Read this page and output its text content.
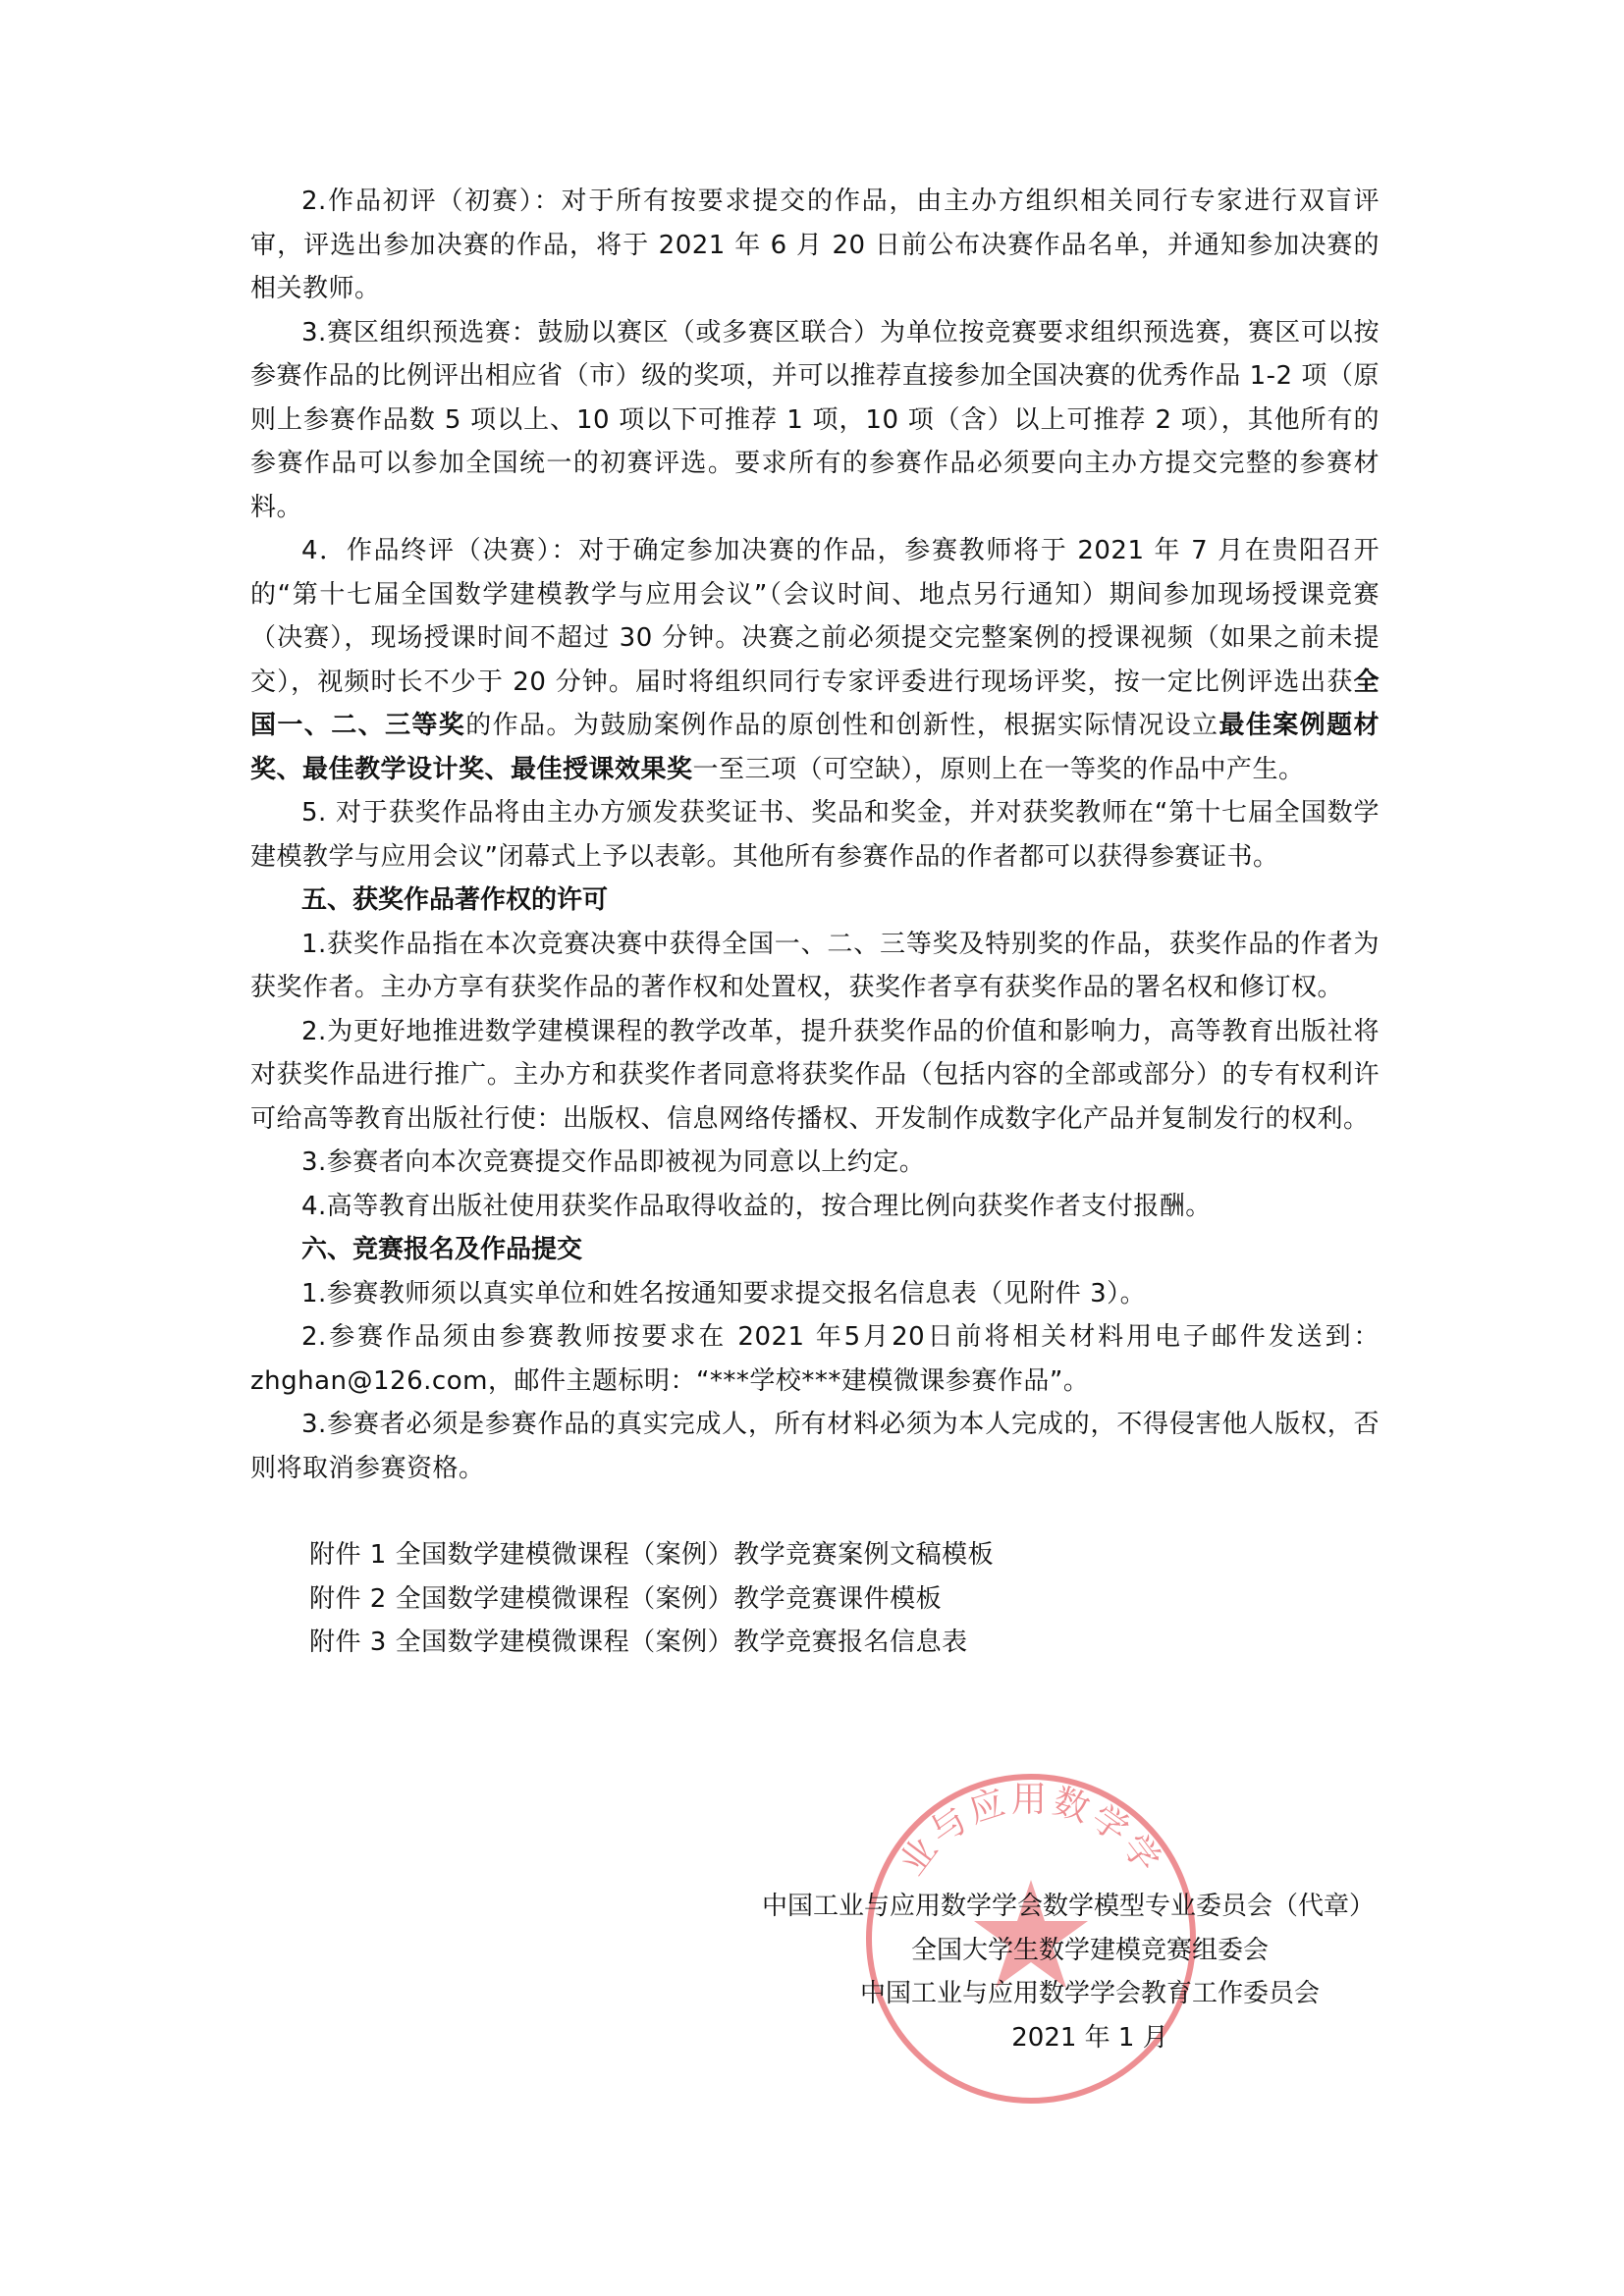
2.作品初评（初赛）：对于所有按要求提交的作品，由主办方组织相关同行专家进行双盲评审，评选出参加决赛的作品，将于 2021 年 6 月 20 日前公布决赛作品名单，并通知参加决赛的相关教师。

3.赛区组织预选赛：鼓励以赛区（或多赛区联合）为单位按竞赛要求组织预选赛，赛区可以按参赛作品的比例评出相应省（市）级的奖项，并可以推荐直接参加全国决赛的优秀作品 1-2 项（原则上参赛作品数 5 项以上、10 项以下可推荐 1 项，10 项（含）以上可推荐 2 项），其他所有的参赛作品可以参加全国统一的初赛评选。要求所有的参赛作品必须要向主办方提交完整的参赛材料。

4．作品终评（决赛）：对于确定参加决赛的作品，参赛教师将于 2021 年 7 月在贵阳召开的“第十七届全国数学建模教学与应用会议”（会议时间、地点另行通知）期间参加现场授课竞赛（决赛），现场授课时间不超过 30 分钟。决赛之前必须提交完整案例的授课视频（如果之前未提交），视频时长不少于 20 分钟。届时将组织同行专家评委进行现场评奖，按一定比例评选出获全国一、二、三等奖的作品。为鼓励案例作品的原创性和创新性，根据实际情况设立最佳案例题材奖、最佳教学设计奖、最佳授课效果奖一至三项（可空缺），原则上在一等奖的作品中产生。

5. 对于获奖作品将由主办方颁发获奖证书、奖品和奖金，并对获奖教师在“第十七届全国数学建模教学与应用会议”闭幕式上予以表彰。其他所有参赛作品的作者都可以获得参赛证书。

五、获奖作品著作权的许可

1.获奖作品指在本次竞赛决赛中获得全国一、二、三等奖及特别奖的作品，获奖作品的作者为获奖作者。主办方享有获奖作品的著作权和处置权，获奖作者享有获奖作品的署名权和修订权。

2.为更好地推进数学建模课程的教学改革，提升获奖作品的价值和影响力，高等教育出版社将对获奖作品进行推广。主办方和获奖作者同意将获奖作品（包括内容的全部或部分）的专有权利许可给高等教育出版社行使：出版权、信息网络传播权、开发制作成数字化产品并复制发行的权利。

3.参赛者向本次竞赛提交作品即被视为同意以上约定。

4.高等教育出版社使用获奖作品取得收益的，按合理比例向获奖作者支付报酬。

六、竞赛报名及作品提交

1.参赛教师须以真实单位和姓名按通知要求提交报名信息表（见附件 3）。

2.参赛作品须由参赛教师按要求在 2021 年5月20日前将相关材料用电子邮件发送到：zhghan@126.com，邮件主题标明：“***学校***建模微课参赛作品”。

3.参赛者必须是参赛作品的真实完成人，所有材料必须为本人完成的，不得侵害他人版权，否则将取消参赛资格。

附件 1 全国数学建模微课程（案例）教学竞赛案例文稿模板

附件 2 全国数学建模微课程（案例）教学竞赛课件模板

附件 3 全国数学建模微课程（案例）教学竞赛报名信息表

业与应用数学学

中国工业与应用数学学会数学模型专业委员会（代章）

全国大学生数学建模竞赛组委会

中国工业与应用数学学会教育工作委员会

2021 年 1 月
